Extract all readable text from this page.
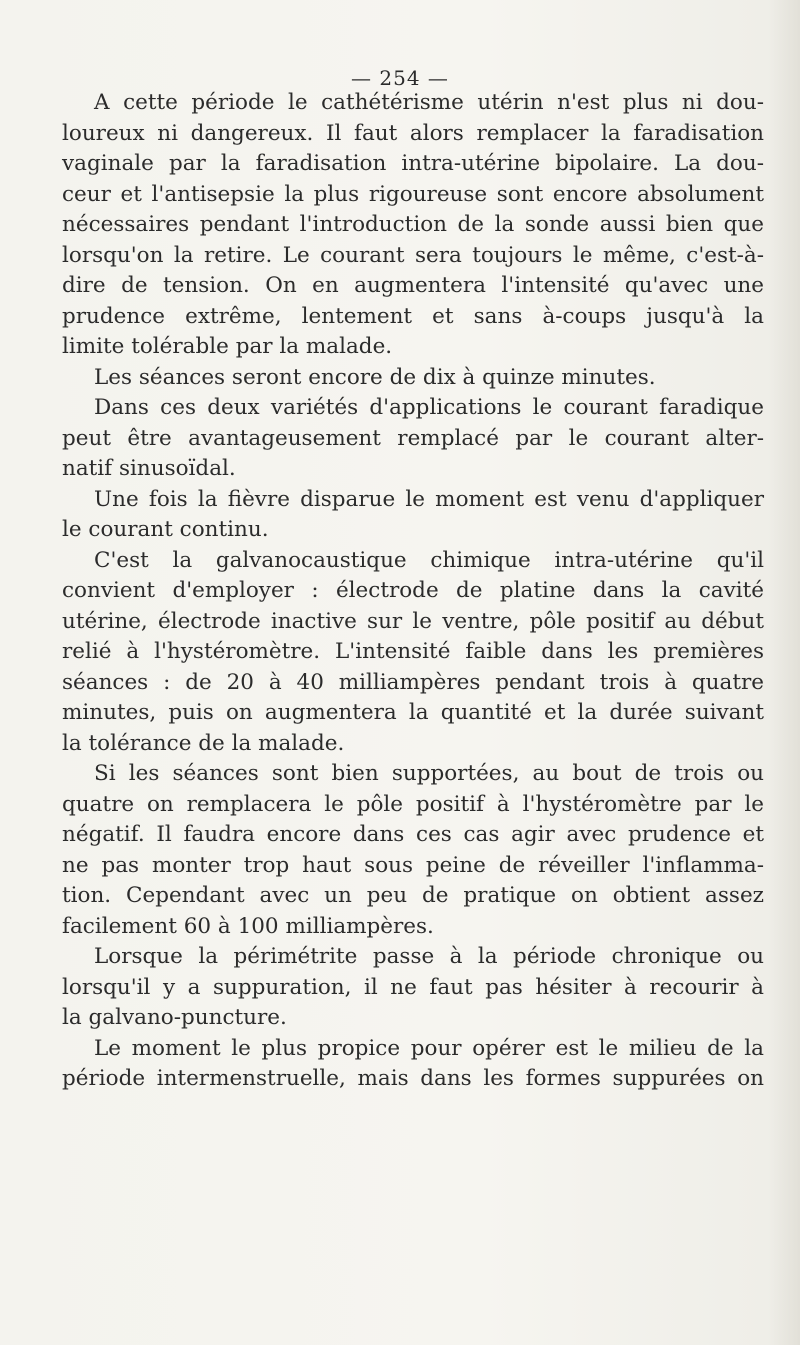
— 254 —
A cette période le cathétérisme utérin n'est plus ni dou-
loureux ni dangereux. Il faut alors remplacer la faradisation
vaginale par la faradisation intra-utérine bipolaire. La dou-
ceur et l'antisepsie la plus rigoureuse sont encore absolument
nécessaires pendant l'introduction de la sonde aussi bien que
lorsqu'on la retire. Le courant sera toujours le même, c'est-à-
dire de tension. On en augmentera l'intensité qu'avec une
prudence extrême, lentement et sans à-coups jusqu'à la
limite tolérable par la malade.
Les séances seront encore de dix à quinze minutes.
Dans ces deux variétés d'applications le courant faradique
peut être avantageusement remplacé par le courant alter-
natif sinusoïdal.
Une fois la fièvre disparue le moment est venu d'appliquer
le courant continu.
C'est la galvanocaustique chimique intra-utérine qu'il
convient d'employer : électrode de platine dans la cavité
utérine, électrode inactive sur le ventre, pôle positif au début
relié à l'hystéromètre. L'intensité faible dans les premières
séances : de 20 à 40 milliampères pendant trois à quatre
minutes, puis on augmentera la quantité et la durée suivant
la tolérance de la malade.
Si les séances sont bien supportées, au bout de trois ou
quatre on remplacera le pôle positif à l'hystéromètre par le
négatif. Il faudra encore dans ces cas agir avec prudence et
ne pas monter trop haut sous peine de réveiller l'inflamma-
tion. Cependant avec un peu de pratique on obtient assez
facilement 60 à 100 milliampères.
Lorsque la périmétrite passe à la période chronique ou
lorsqu'il y a suppuration, il ne faut pas hésiter à recourir à
la galvano-puncture.
Le moment le plus propice pour opérer est le milieu de la
période intermenstruelle, mais dans les formes suppurées on
